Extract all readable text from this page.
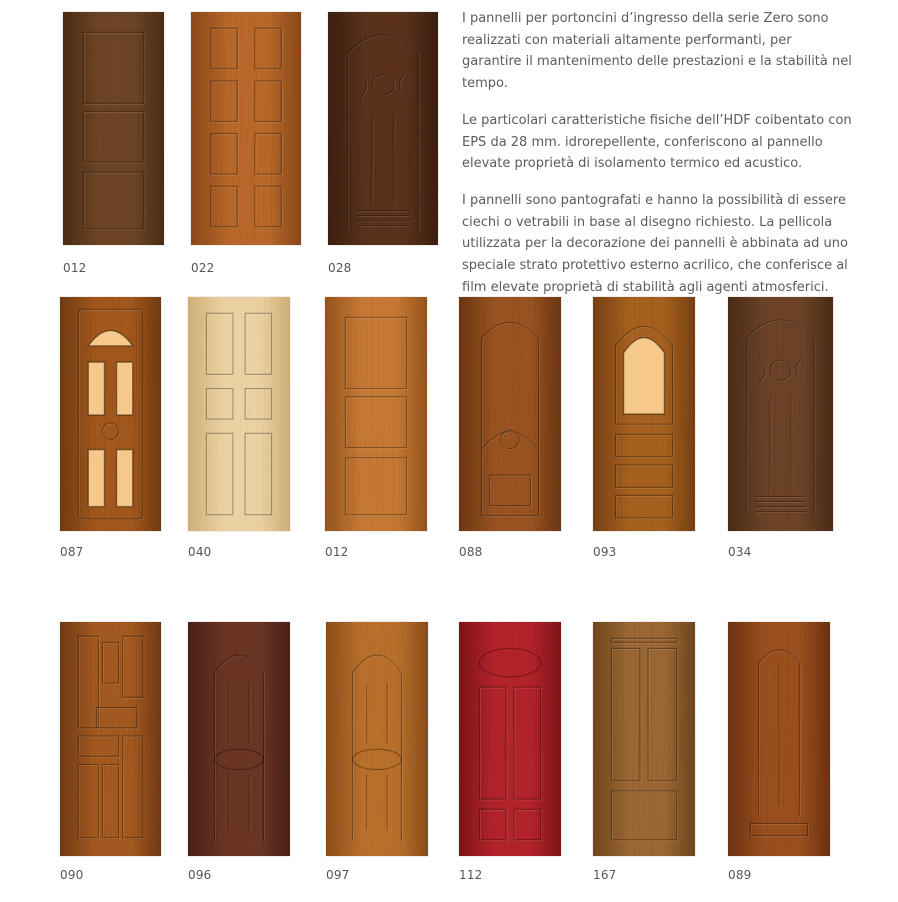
I pannelli per portoncini d’ingresso della serie Zero sono realizzati con materiali altamente performanti, per garantire il mantenimento delle prestazioni e la stabilità nel tempo.

Le particolari caratteristiche fisiche dell’HDF coibentato con EPS da 28 mm. idrorepellente, conferiscono al pannello elevate proprietà di isolamento termico ed acustico.

I pannelli sono pantografati e hanno la possibilità di essere ciechi o vetrabili in base al disegno richiesto. La pellicola utilizzata per la decorazione dei pannelli è abbinata ad uno speciale strato protettivo esterno acrilico, che conferisce al film elevate proprietà di stabilità agli agenti atmosferici.

012	022	028
087	040	012	088	093	034
090	096	097	112	167	089
